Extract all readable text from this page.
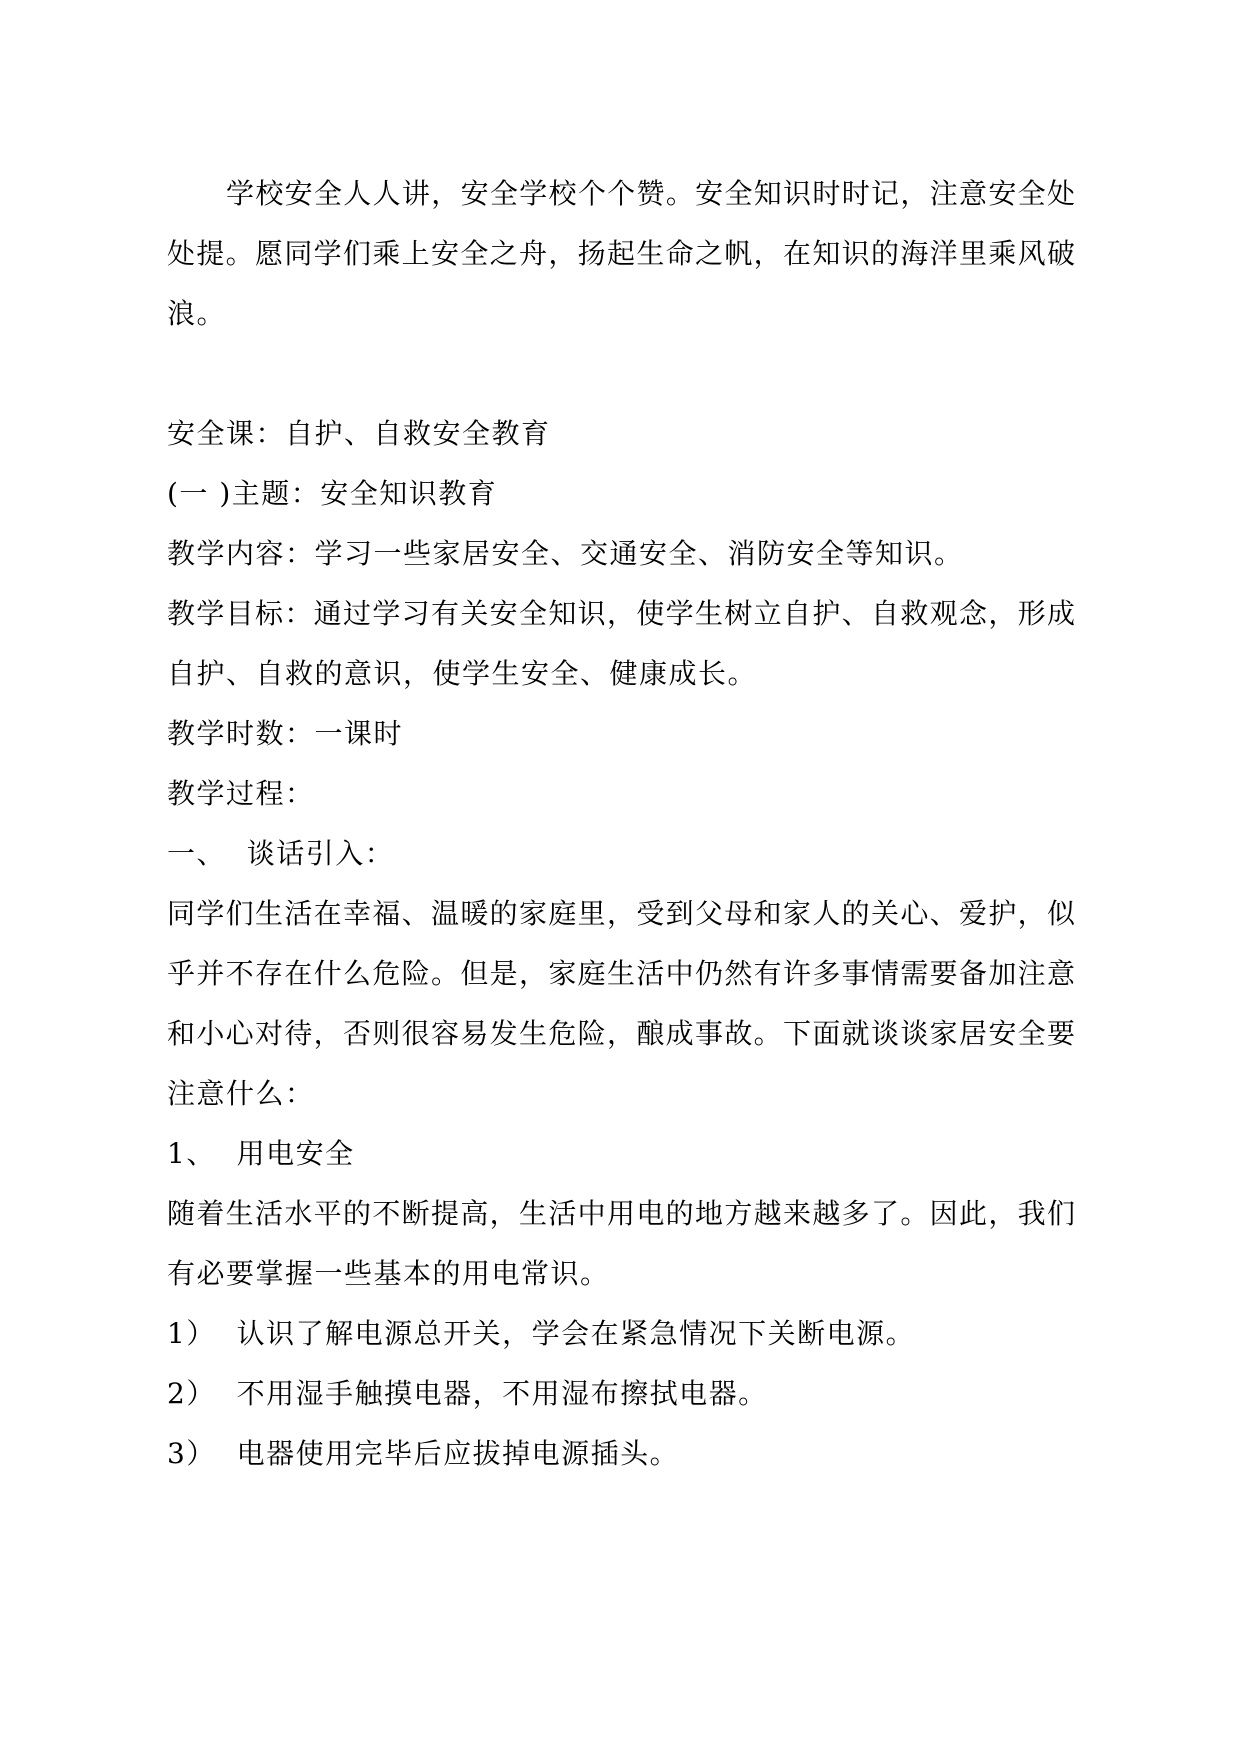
学校安全人人讲，安全学校个个赞。安全知识时时记，注意安全处

处提。愿同学们乘上安全之舟，扬起生命之帆，在知识的海洋里乘风破

浪。

安全课：自护、自救安全教育

(一 )主题：安全知识教育

教学内容：学习一些家居安全、交通安全、消防安全等知识。

教学目标：通过学习有关安全知识，使学生树立自护、自救观念，形成

自护、自救的意识，使学生安全、健康成长。

教学时数：一课时

教学过程：

一、  谈话引入：

同学们生活在幸福、温暖的家庭里，受到父母和家人的关心、爱护，似

乎并不存在什么危险。但是，家庭生活中仍然有许多事情需要备加注意

和小心对待，否则很容易发生危险，酿成事故。下面就谈谈家居安全要

注意什么：

1、  用电安全

随着生活水平的不断提高，生活中用电的地方越来越多了。因此，我们

有必要掌握一些基本的用电常识。

1）  认识了解电源总开关，学会在紧急情况下关断电源。

2）  不用湿手触摸电器，不用湿布擦拭电器。

3）  电器使用完毕后应拔掉电源插头。
